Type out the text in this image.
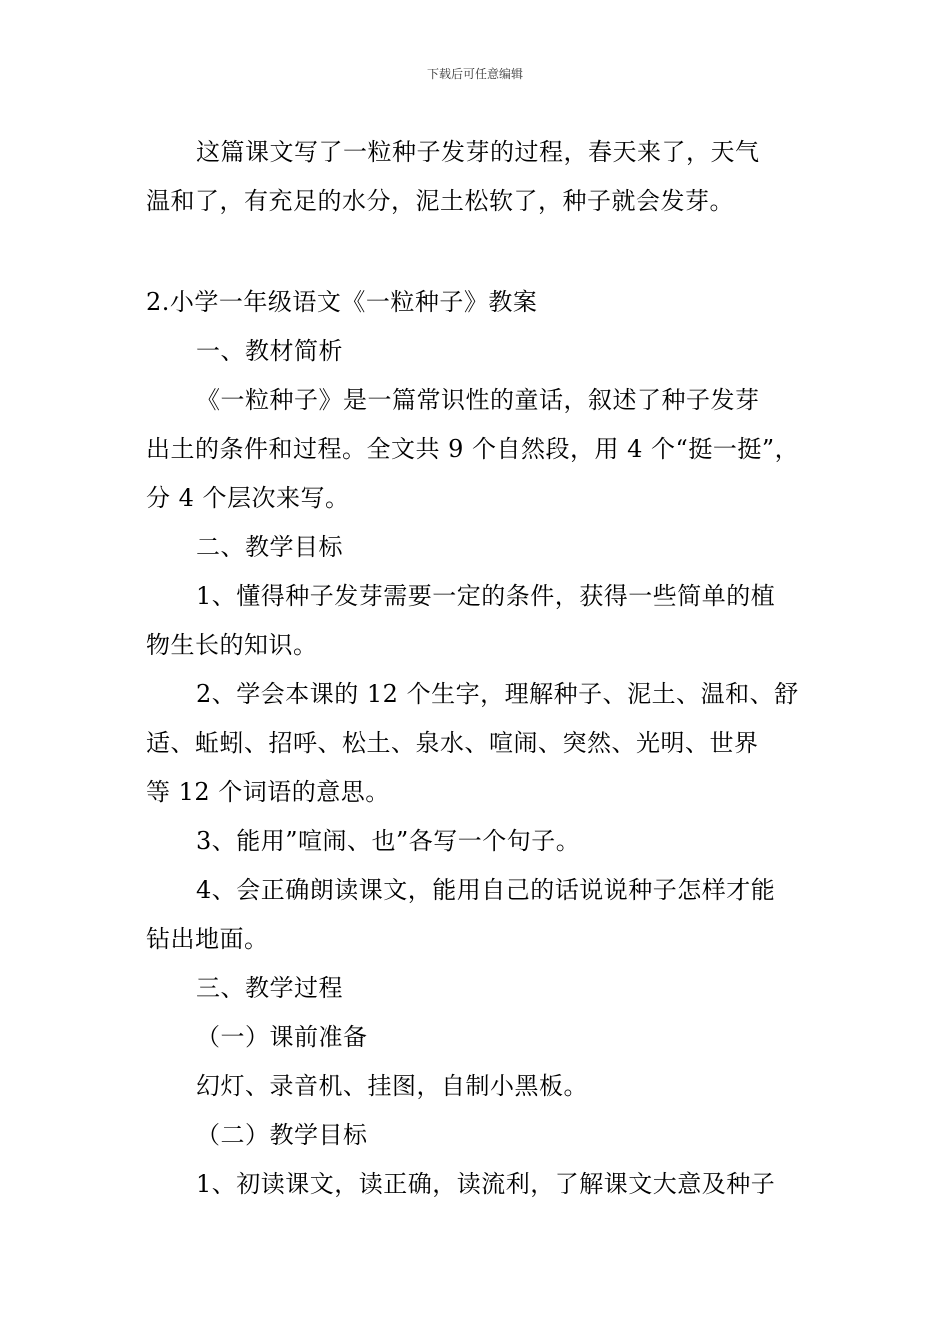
下载后可任意编辑
这篇课文写了一粒种子发芽的过程，春天来了，天气
温和了，有充足的水分，泥土松软了，种子就会发芽。
2.小学一年级语文《一粒种子》教案
一、教材简析
《一粒种子》是一篇常识性的童话，叙述了种子发芽
出土的条件和过程。全文共 9 个自然段，用 4 个“挺一挺”，
分 4 个层次来写。
二、教学目标
1、懂得种子发芽需要一定的条件，获得一些简单的植
物生长的知识。
2、学会本课的 12 个生字，理解种子、泥土、温和、舒
适、蚯蚓、招呼、松土、泉水、喧闹、突然、光明、世界
等 12 个词语的意思。
3、能用”喧闹、也”各写一个句子。
4、会正确朗读课文，能用自己的话说说种子怎样才能
钻出地面。
三、教学过程
（一）课前准备
幻灯、录音机、挂图，自制小黑板。
（二）教学目标
1、初读课文，读正确，读流利，了解课文大意及种子
